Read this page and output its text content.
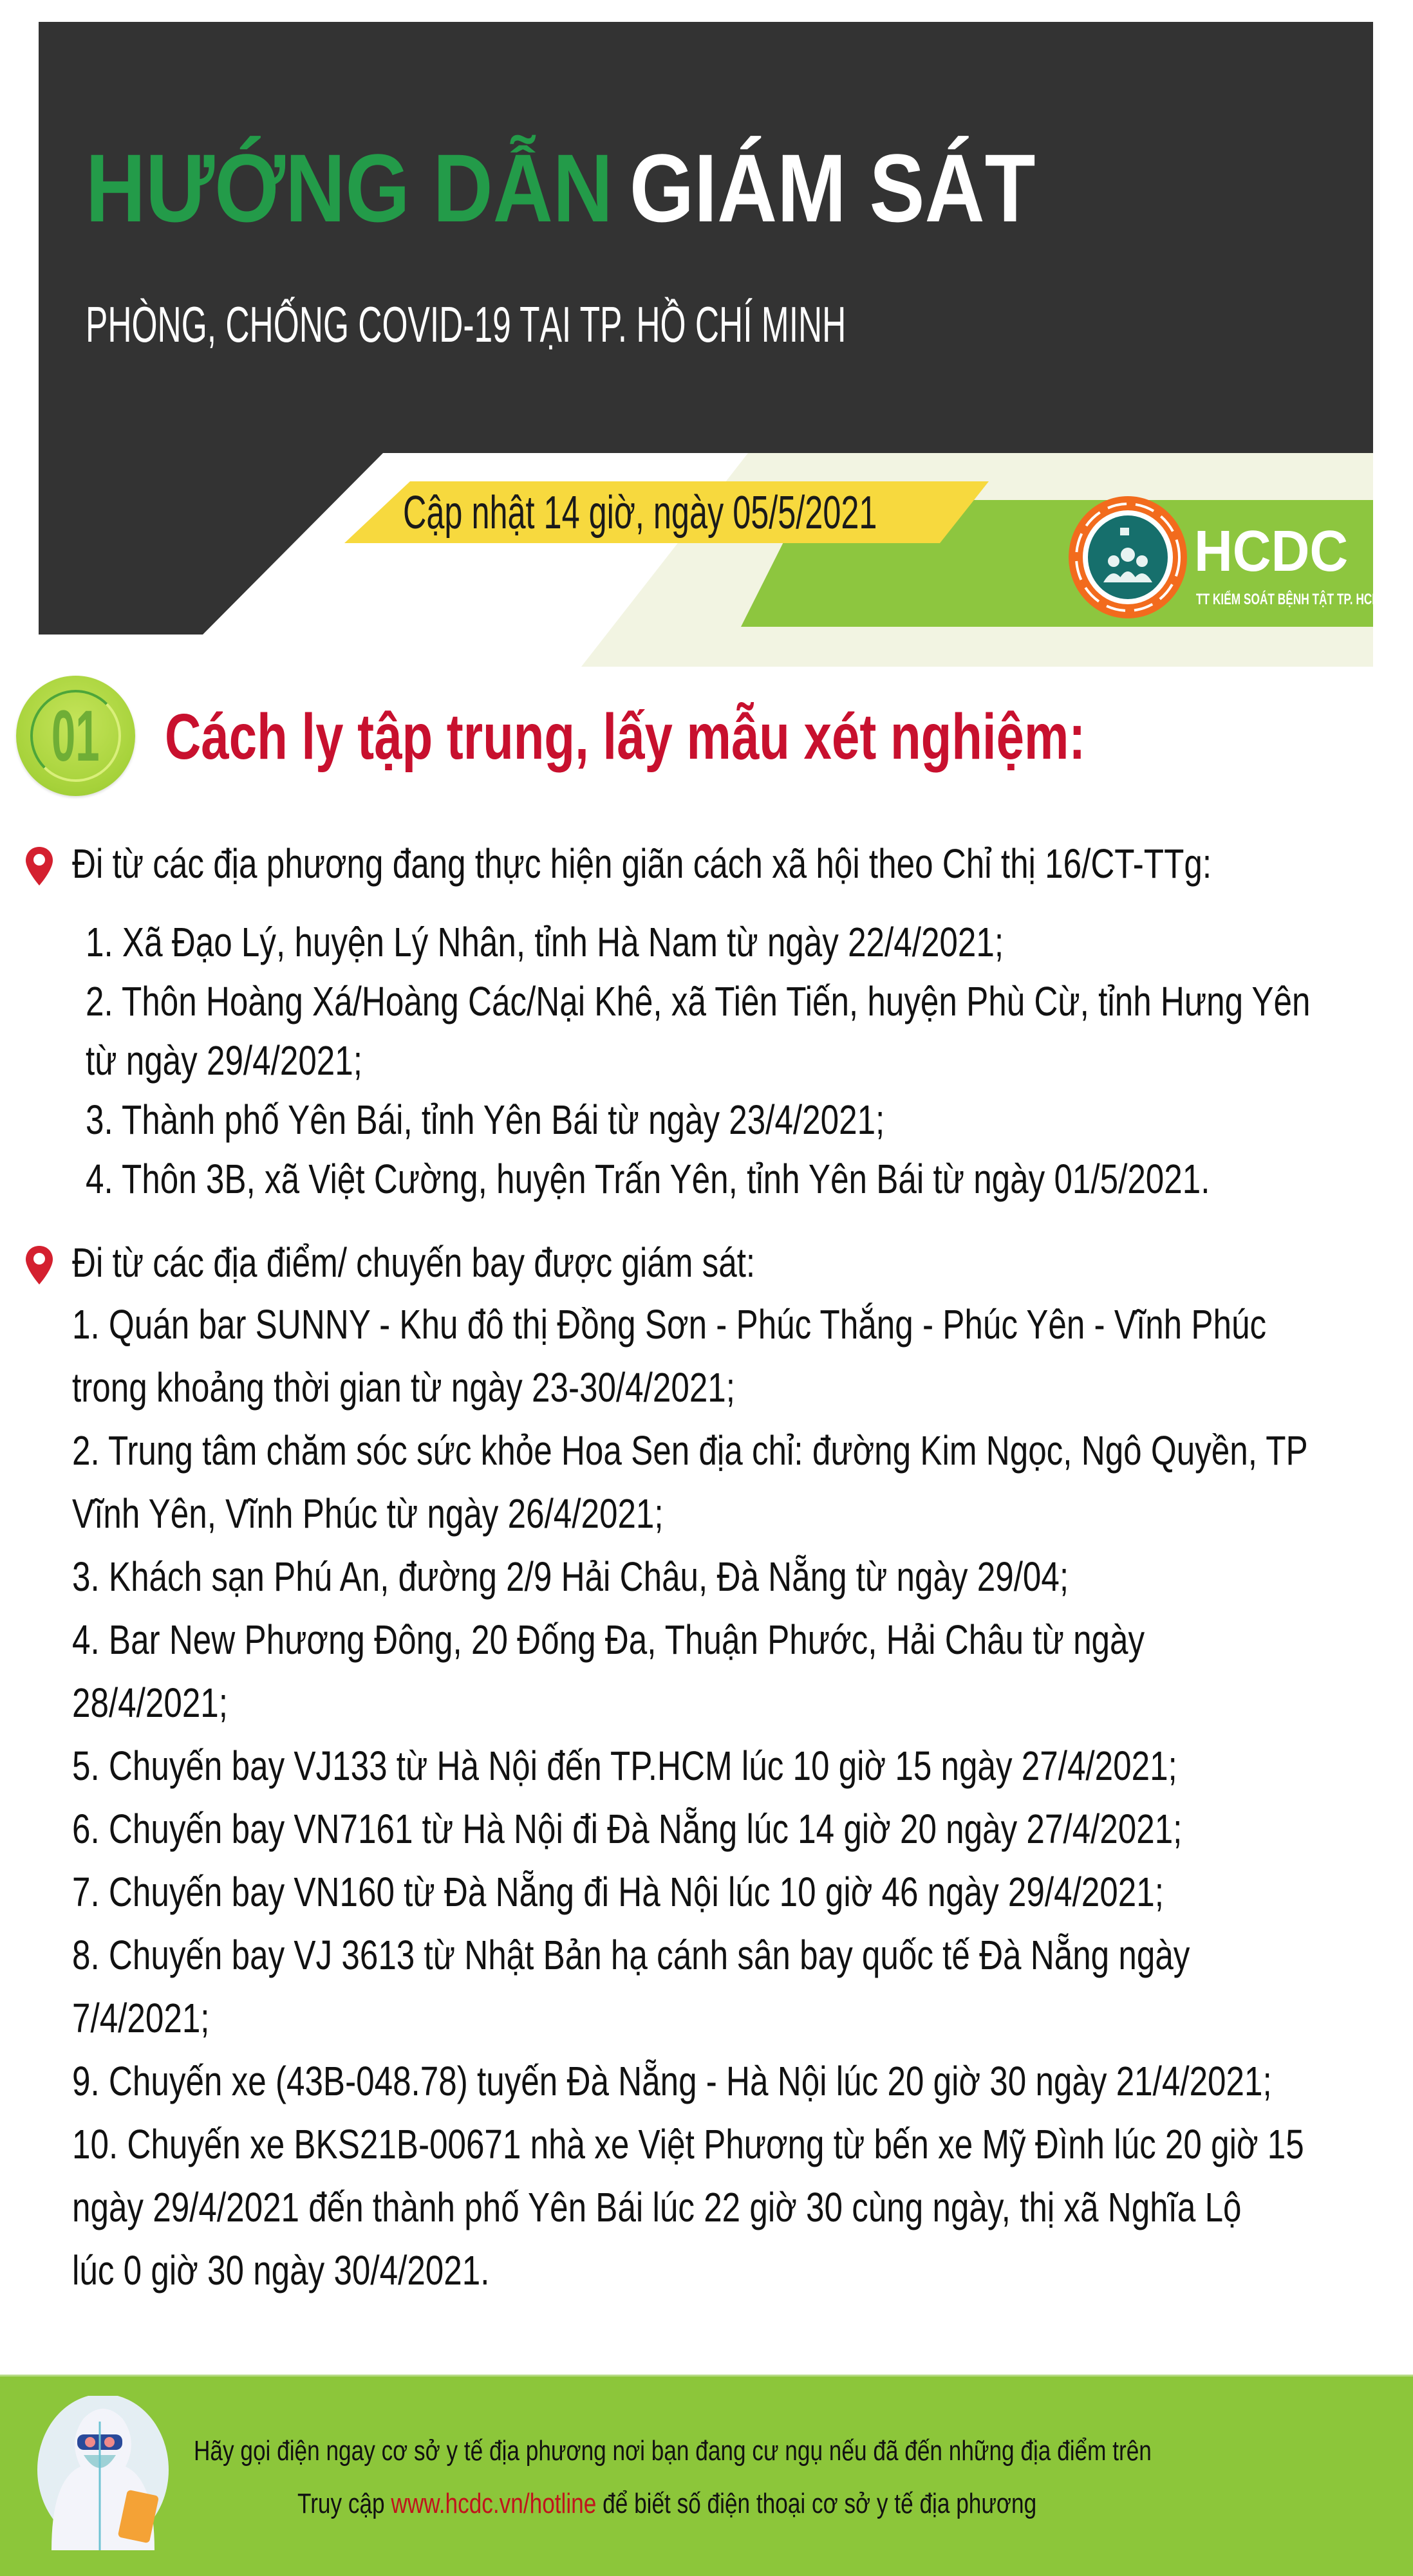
HƯỚNG DẪN GIÁM SÁT
PHÒNG, CHỐNG COVID-19 TẠI TP. HỒ CHÍ MINH
Cập nhật 14 giờ, ngày 05/5/2021
HCDC
TT KIỂM SOÁT BỆNH TẬT TP. HCM
01	Cách ly tập trung, lấy mẫu xét nghiệm:
Đi từ các địa phương đang thực hiện giãn cách xã hội theo Chỉ thị 16/CT-TTg:
1. Xã Đạo Lý, huyện Lý Nhân, tỉnh Hà Nam từ ngày 22/4/2021;
2. Thôn Hoàng Xá/Hoàng Các/Nại Khê, xã Tiên Tiến, huyện Phù Cừ, tỉnh Hưng Yên
từ ngày 29/4/2021;
3. Thành phố Yên Bái, tỉnh Yên Bái từ ngày 23/4/2021;
4. Thôn 3B, xã Việt Cường, huyện Trấn Yên, tỉnh Yên Bái từ ngày 01/5/2021.
Đi từ các địa điểm/ chuyến bay được giám sát:
1. Quán bar SUNNY - Khu đô thị Đồng Sơn - Phúc Thắng - Phúc Yên - Vĩnh Phúc
trong khoảng thời gian từ ngày 23-30/4/2021;
2. Trung tâm chăm sóc sức khỏe Hoa Sen địa chỉ: đường Kim Ngọc, Ngô Quyền, TP
Vĩnh Yên, Vĩnh Phúc từ ngày 26/4/2021;
3. Khách sạn Phú An, đường 2/9 Hải Châu, Đà Nẵng từ ngày 29/04;
4. Bar New Phương Đông, 20 Đống Đa, Thuận Phước, Hải Châu từ ngày
28/4/2021;
5. Chuyến bay VJ133 từ Hà Nội đến TP.HCM lúc 10 giờ 15 ngày 27/4/2021;
6. Chuyến bay VN7161 từ Hà Nội đi Đà Nẵng lúc 14 giờ 20 ngày 27/4/2021;
7. Chuyến bay VN160 từ Đà Nẵng đi Hà Nội lúc 10 giờ 46 ngày 29/4/2021;
8. Chuyến bay VJ 3613 từ Nhật Bản hạ cánh sân bay quốc tế Đà Nẵng ngày
7/4/2021;
9. Chuyến xe (43B-048.78) tuyến Đà Nẵng - Hà Nội lúc 20 giờ 30 ngày 21/4/2021;
10. Chuyến xe BKS21B-00671 nhà xe Việt Phương từ bến xe Mỹ Đình lúc 20 giờ 15
ngày 29/4/2021 đến thành phố Yên Bái lúc 22 giờ 30 cùng ngày, thị xã Nghĩa Lộ
lúc 0 giờ 30 ngày 30/4/2021.
Hãy gọi điện ngay cơ sở y tế địa phương nơi bạn đang cư ngụ nếu đã đến những địa điểm trên
Truy cập www.hcdc.vn/hotline để biết số điện thoại cơ sở y tế địa phương
